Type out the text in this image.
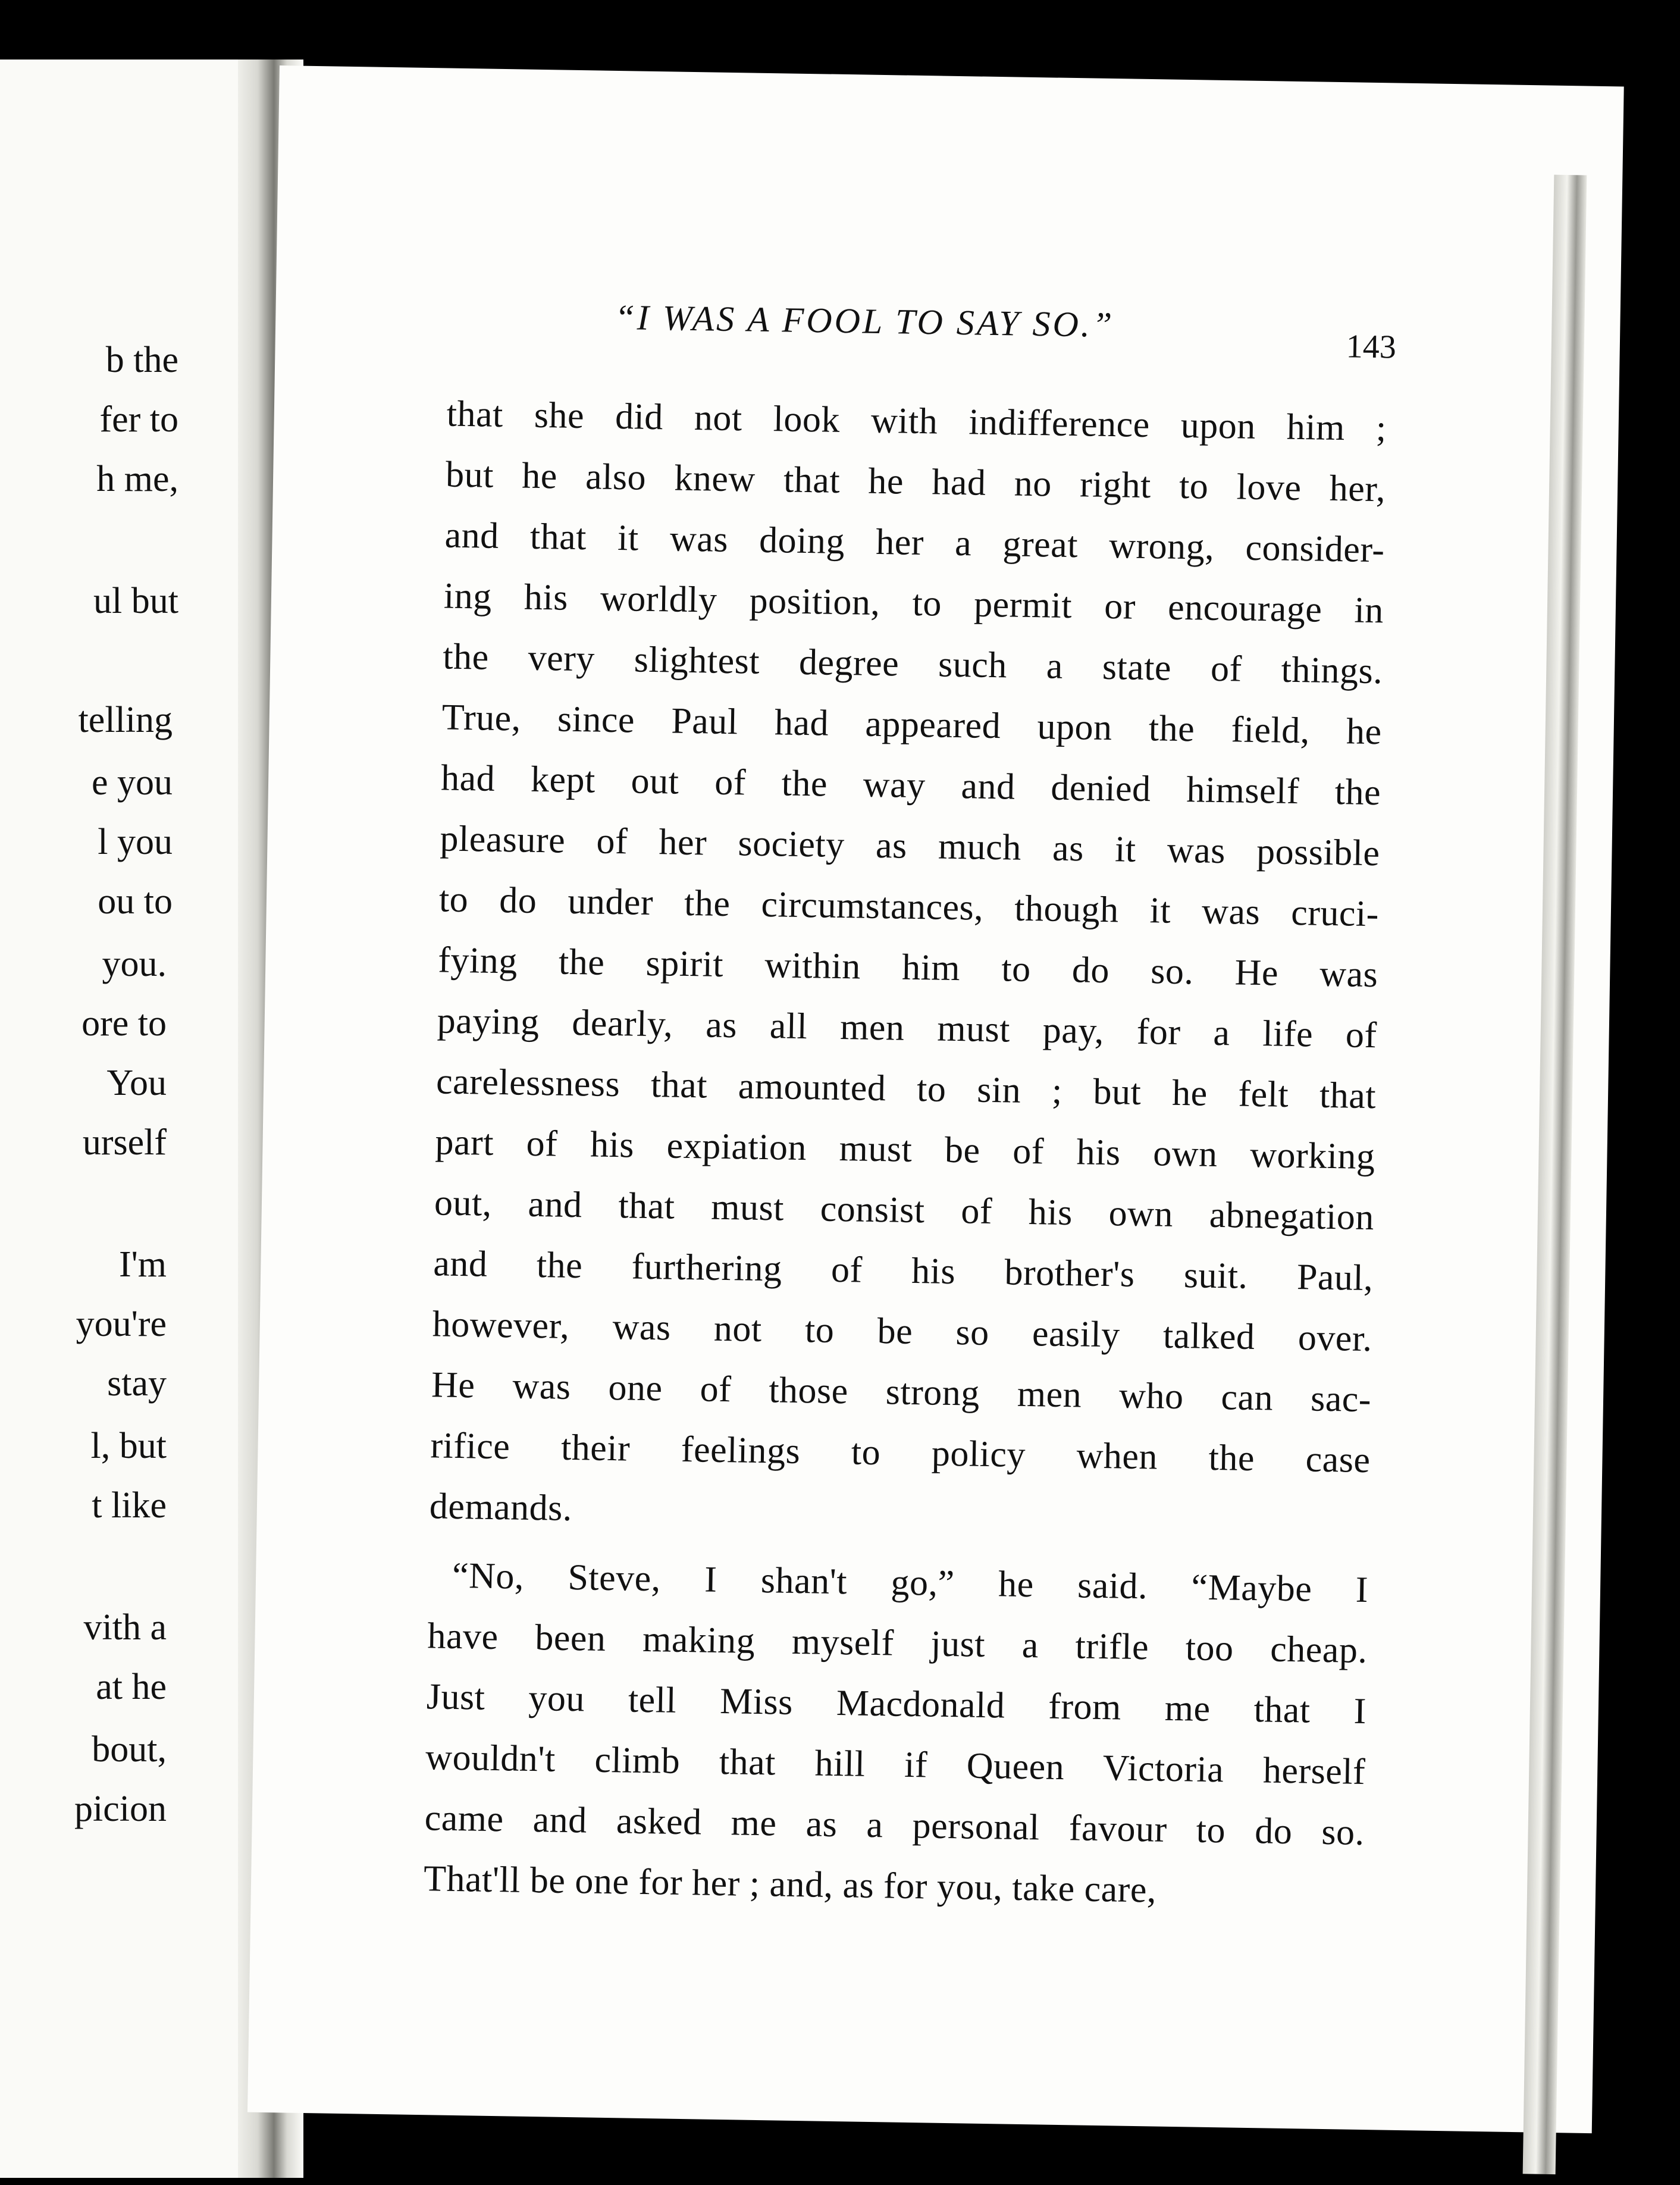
b the
fer to
h me,
ul but
telling
e you
l you
ou to
you.
ore to
You
urself
I'm
you're
stay
l, but
t like
vith a
at he
bout,
picion
“I WAS A FOOL TO SAY SO.”
143
that she did not look with indifference upon him ;
but he also knew that he had no right to love her,
and that it was doing her a great wrong, consider-
ing his worldly position, to permit or encourage in
the very slightest degree such a state of things.
True, since Paul had appeared upon the field, he
had kept out of the way and denied himself the
pleasure of her society as much as it was possible
to do under the circumstances, though it was cruci-
fying the spirit within him to do so. He was
paying dearly, as all men must pay, for a life of
carelessness that amounted to sin ; but he felt that
part of his expiation must be of his own working
out, and that must consist of his own abnegation
and the furthering of his brother's suit. Paul,
however, was not to be so easily talked over.
He was one of those strong men who can sac-
rifice their feelings to policy when the case
demands.
“No, Steve, I shan't go,” he said. “Maybe I
have been making myself just a trifle too cheap.
Just you tell Miss Macdonald from me that I
wouldn't climb that hill if Queen Victoria herself
came and asked me as a personal favour to do so.
That'll be one for her ; and, as for you, take care,
